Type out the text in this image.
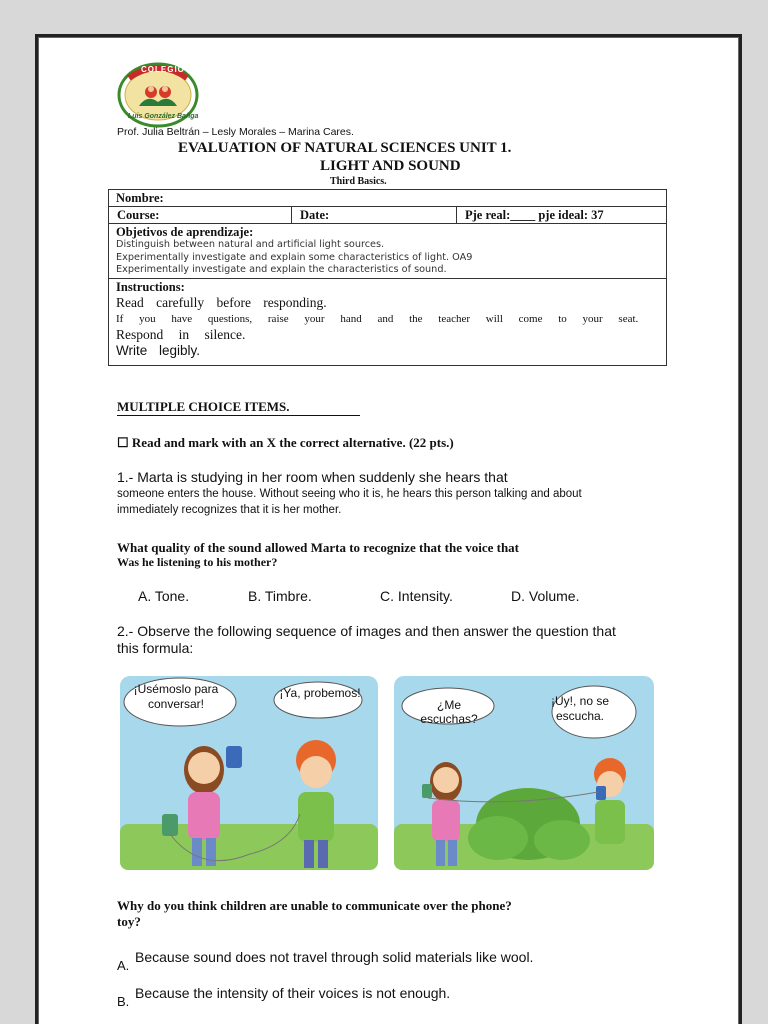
COLEGIO
Luis González Bañga
Prof. Julia Beltrán – Lesly Morales – Marina Cares.
EVALUATION OF NATURAL SCIENCES UNIT 1.
LIGHT AND SOUND
Third Basics.
Nombre:
Course:	Date:	Pje real:____ pje ideal: 37
Objetivos de aprendizaje:
Distinguish between natural and artificial light sources.
Experimentally investigate and explain some characteristics of light. OA9
Experimentally investigate and explain the characteristics of sound.
Instructions:
Read carefully before responding.
If you have questions, raise your hand and the teacher will come to your seat.
Respond in silence.
Write legibly.
MULTIPLE CHOICE ITEMS.
☐ Read and mark with an X the correct alternative. (22 pts.)
1.- Marta is studying in her room when suddenly she hears that
someone enters the house. Without seeing who it is, he hears this person talking and about
immediately recognizes that it is her mother.
What quality of the sound allowed Marta to recognize that the voice that
Was he listening to his mother?
A. Tone.	B. Timbre.	C. Intensity.	D. Volume.
2.- Observe the following sequence of images and then answer the question that
this formula:
¡Usémoslo para conversar!
¡Ya, probemos!
¿Me escuchas?
¡Uy!, no se escucha.
Why do you think children are unable to communicate over the phone?
toy?
A.
Because sound does not travel through solid materials like wool.
B.
Because the intensity of their voices is not enough.
